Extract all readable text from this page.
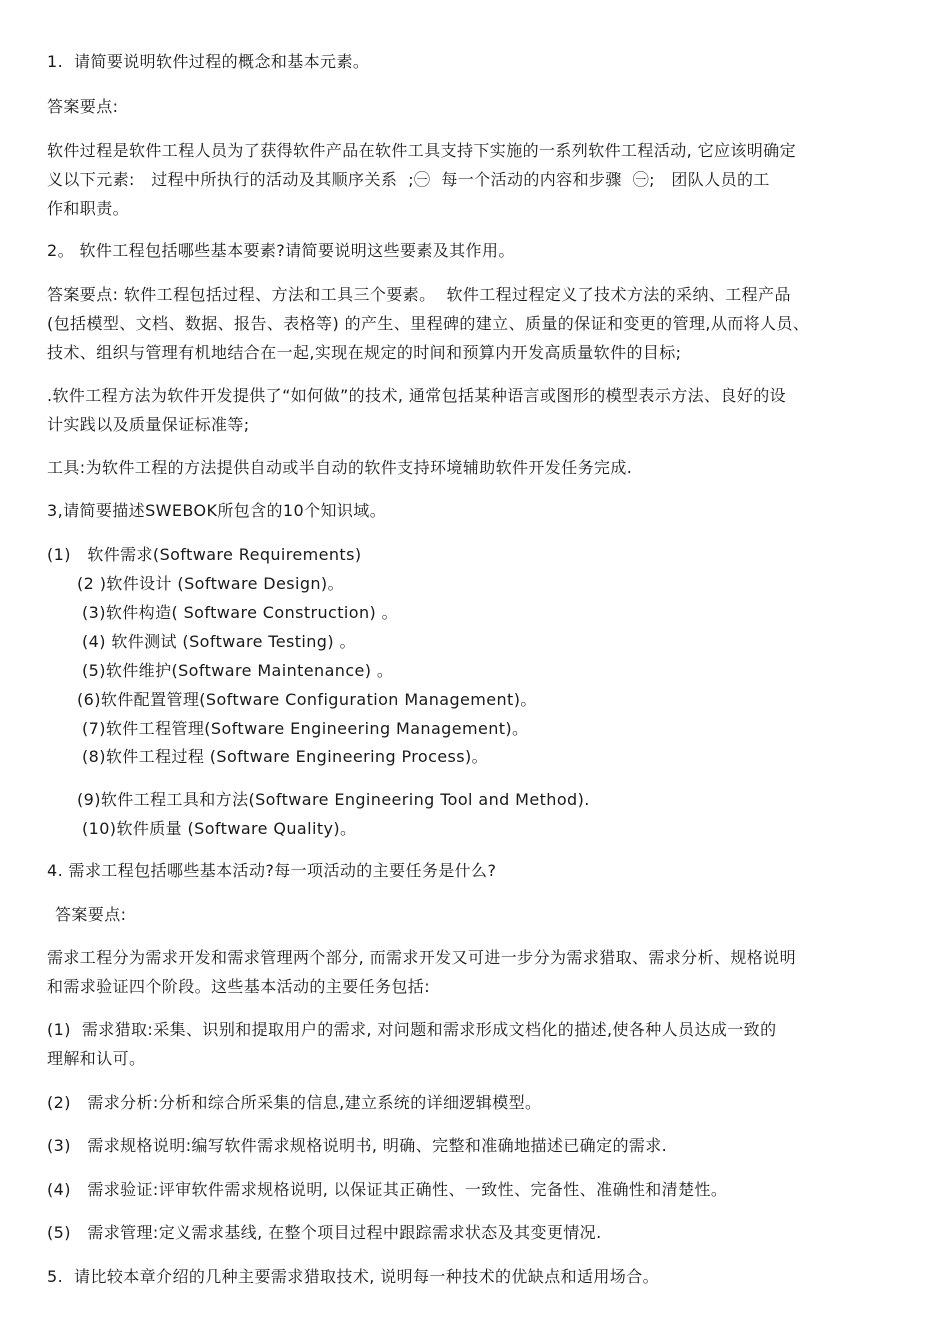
1.  请简要说明软件过程的概念和基本元素。
答案要点:
软件过程是软件工程人员为了获得软件产品在软件工具支持下实施的一系列软件工程活动, 它应该明确定
义以下元素:   过程中所执行的活动及其顺序关系  ;㊀  每一个活动的内容和步骤  ㊀;   团队人员的工
作和职责。
2。 软件工程包括哪些基本要素?请简要说明这些要素及其作用。
答案要点: 软件工程包括过程、方法和工具三个要素。  软件工程过程定义了技术方法的采纳、工程产品
(包括模型、文档、数据、报告、表格等) 的产生、里程碑的建立、质量的保证和变更的管理,从而将人员、
技术、组织与管理有机地结合在一起,实现在规定的时间和预算内开发高质量软件的目标;
.软件工程方法为软件开发提供了“如何做”的技术, 通常包括某种语言或图形的模型表示方法、良好的设
计实践以及质量保证标准等;
工具:为软件工程的方法提供自动或半自动的软件支持环境辅助软件开发任务完成.
3,请简要描述SWEBOK所包含的10个知识域。
(1)   软件需求(Software Requirements)
(2 )软件设计 (Software Design)。
(3)软件构造( Software Construction) 。
(4) 软件测试 (Software Testing) 。
(5)软件维护(Software Maintenance) 。
(6)软件配置管理(Software Configuration Management)。
(7)软件工程管理(Software Engineering Management)。
(8)软件工程过程 (Software Engineering Process)。
(9)软件工程工具和方法(Software Engineering Tool and Method).
(10)软件质量 (Software Quality)。
4. 需求工程包括哪些基本活动?每一项活动的主要任务是什么?
答案要点:
需求工程分为需求开发和需求管理两个部分, 而需求开发又可进一步分为需求猎取、需求分析、规格说明
和需求验证四个阶段。这些基本活动的主要任务包括:
(1)  需求猎取:采集、识别和提取用户的需求, 对问题和需求形成文档化的描述,使各种人员达成一致的
理解和认可。
(2)   需求分析:分析和综合所采集的信息,建立系统的详细逻辑模型。
(3)   需求规格说明:编写软件需求规格说明书, 明确、完整和准确地描述已确定的需求.
(4)   需求验证:评审软件需求规格说明, 以保证其正确性、一致性、完备性、准确性和清楚性。
(5)   需求管理:定义需求基线, 在整个项目过程中跟踪需求状态及其变更情况.
5.  请比较本章介绍的几种主要需求猎取技术, 说明每一种技术的优缺点和适用场合。
